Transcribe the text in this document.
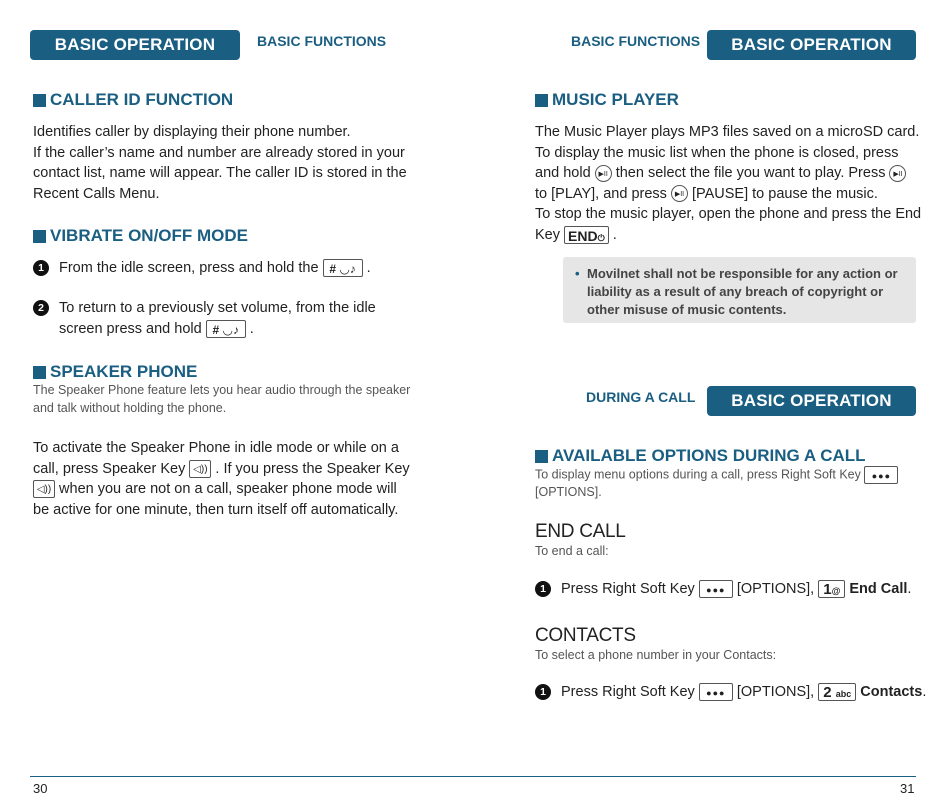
BASIC OPERATION	BASIC FUNCTIONS
CALLER ID FUNCTION
Identifies caller by displaying their phone number.
If the caller’s name and number are already stored in your
contact list, name will appear. The caller ID is stored in the
Recent Calls Menu.
VIBRATE ON/OFF MODE
1	From the idle screen, press and hold the # ◡♪ .
2	To return to a previously set volume, from the idle
screen press and hold # ◡♪ .
SPEAKER PHONE
The Speaker Phone feature lets you hear audio through the speaker
and talk without holding the phone.
To activate the Speaker Phone in idle mode or while on a
call, press Speaker Key ◁)) . If you press the Speaker Key
◁)) when you are not on a call, speaker phone mode will
be active for one minute, then turn itself off automatically.
30
BASIC FUNCTIONS	BASIC OPERATION
MUSIC PLAYER
The Music Player plays MP3 files saved on a microSD card.
To display the music list when the phone is closed, press
and hold ▶II then select the file you want to play. Press ▶II
to [PLAY], and press ▶II [PAUSE] to pause the music.
To stop the music player, open the phone and press the End
Key END⏻ .
• Movilnet shall not be responsible for any action or
liability as a result of any breach of copyright or
other misuse of music contents.
DURING A CALL	BASIC OPERATION
AVAILABLE OPTIONS DURING A CALL
To display menu options during a call, press Right Soft Key ●●●
[OPTIONS].
END CALL
To end a call:
1	Press Right Soft Key ●●● [OPTIONS], 1@ End Call.
CONTACTS
To select a phone number in your Contacts:
1	Press Right Soft Key ●●● [OPTIONS], 2 abc Contacts.
31
